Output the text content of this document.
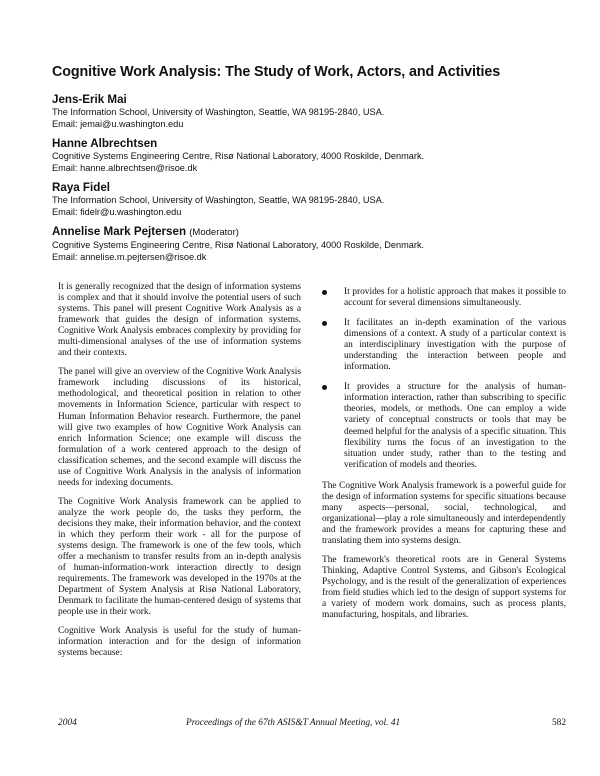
Cognitive Work Analysis: The Study of Work, Actors, and Activities
Jens-Erik Mai
The Information School, University of Washington, Seattle, WA 98195-2840, USA.
Email: jemai@u.washington.edu
Hanne Albrechtsen
Cognitive Systems Engineering Centre, Risø National Laboratory, 4000 Roskilde, Denmark.
Email: hanne.albrechtsen@risoe.dk
Raya Fidel
The Information School, University of Washington, Seattle, WA 98195-2840, USA.
Email: fidelr@u.washington.edu
Annelise Mark Pejtersen (Moderator)
Cognitive Systems Engineering Centre, Risø National Laboratory, 4000 Roskilde, Denmark.
Email: annelise.m.pejtersen@risoe.dk

It is generally recognized that the design of information systems is complex and that it should involve the potential users of such systems. This panel will present Cognitive Work Analysis as a framework that guides the design of information systems. Cognitive Work Analysis embraces complexity by providing for multi-dimensional analyses of the use of information systems and their contexts.

The panel will give an overview of the Cognitive Work Analysis framework including discussions of its historical, methodological, and theoretical position in relation to other movements in Information Science, particular with respect to Human Information Behavior research. Furthermore, the panel will give two examples of how Cognitive Work Analysis can enrich Information Science; one example will discuss the formulation of a work centered approach to the design of classification schemes, and the second example will discuss the use of Cognitive Work Analysis in the analysis of information needs for indexing documents.

The Cognitive Work Analysis framework can be applied to analyze the work people do, the tasks they perform, the decisions they make, their information behavior, and the context in which they perform their work - all for the purpose of systems design. The framework is one of the few tools, which offer a mechanism to transfer results from an in-depth analysis of human-information-work interaction directly to design requirements. The framework was developed in the 1970s at the Department of System Analysis at Risø National Laboratory, Denmark to facilitate the human-centered design of systems that people use in their work.

Cognitive Work Analysis is useful for the study of human-information interaction and for the design of information systems because:

It provides for a holistic approach that makes it possible to account for several dimensions simultaneously.
It facilitates an in-depth examination of the various dimensions of a context. A study of a particular context is an interdisciplinary investigation with the purpose of understanding the interaction between people and information.
It provides a structure for the analysis of human-information interaction, rather than subscribing to specific theories, models, or methods. One can employ a wide variety of conceptual constructs or tools that may be deemed helpful for the analysis of a specific situation. This flexibility turns the focus of an investigation to the situation under study, rather than to the testing and verification of models and theories.

The Cognitive Work Analysis framework is a powerful guide for the design of information systems for specific situations because many aspects—personal, social, technological, and organizational—play a role simultaneously and interdependently and the framework provides a means for capturing these and translating them into systems design.

The framework's theoretical roots are in General Systems Thinking, Adaptive Control Systems, and Gibson's Ecological Psychology, and is the result of the generalization of experiences from field studies which led to the design of support systems for a variety of modern work domains, such as process plants, manufacturing, hospitals, and libraries.

2004	Proceedings of the 67th ASIS&T Annual Meeting, vol. 41	582
